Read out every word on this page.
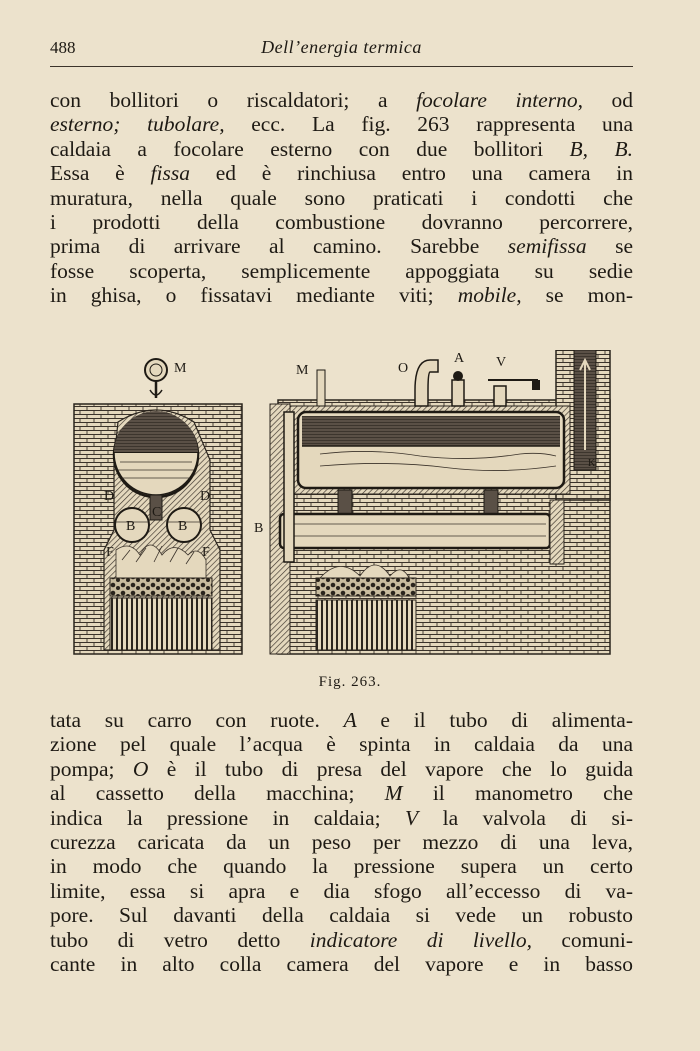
488	Dell’energia termica
con bollitori o riscaldatori; a focolare interno, od
esterno; tubolare, ecc. La fig. 263 rappresenta una
caldaia a focolare esterno con due bollitori B, B.
Essa è fissa ed è rinchiusa entro una camera in
muratura, nella quale sono praticati i condotti che
i prodotti della combustione dovranno percorrere,
prima di arrivare al camino. Sarebbe semifissa se
fosse scoperta, semplicemente appoggiata su sedie
in ghisa, o fissatavi mediante viti; mobile, se mon-
M
C
D	D
B	B
F	F
M	O
A V
B
K
Fig. 263.
tata su carro con ruote. A e il tubo di alimenta-
zione pel quale l’acqua è spinta in caldaia da una
pompa; O è il tubo di presa del vapore che lo guida
al cassetto della macchina; M il manometro che
indica la pressione in caldaia; V la valvola di si-
curezza caricata da un peso per mezzo di una leva,
in modo che quando la pressione supera un certo
limite, essa si apra e dia sfogo all’eccesso di va-
pore. Sul davanti della caldaia si vede un robusto
tubo di vetro detto indicatore di livello, comuni-
cante in alto colla camera del vapore e in basso
